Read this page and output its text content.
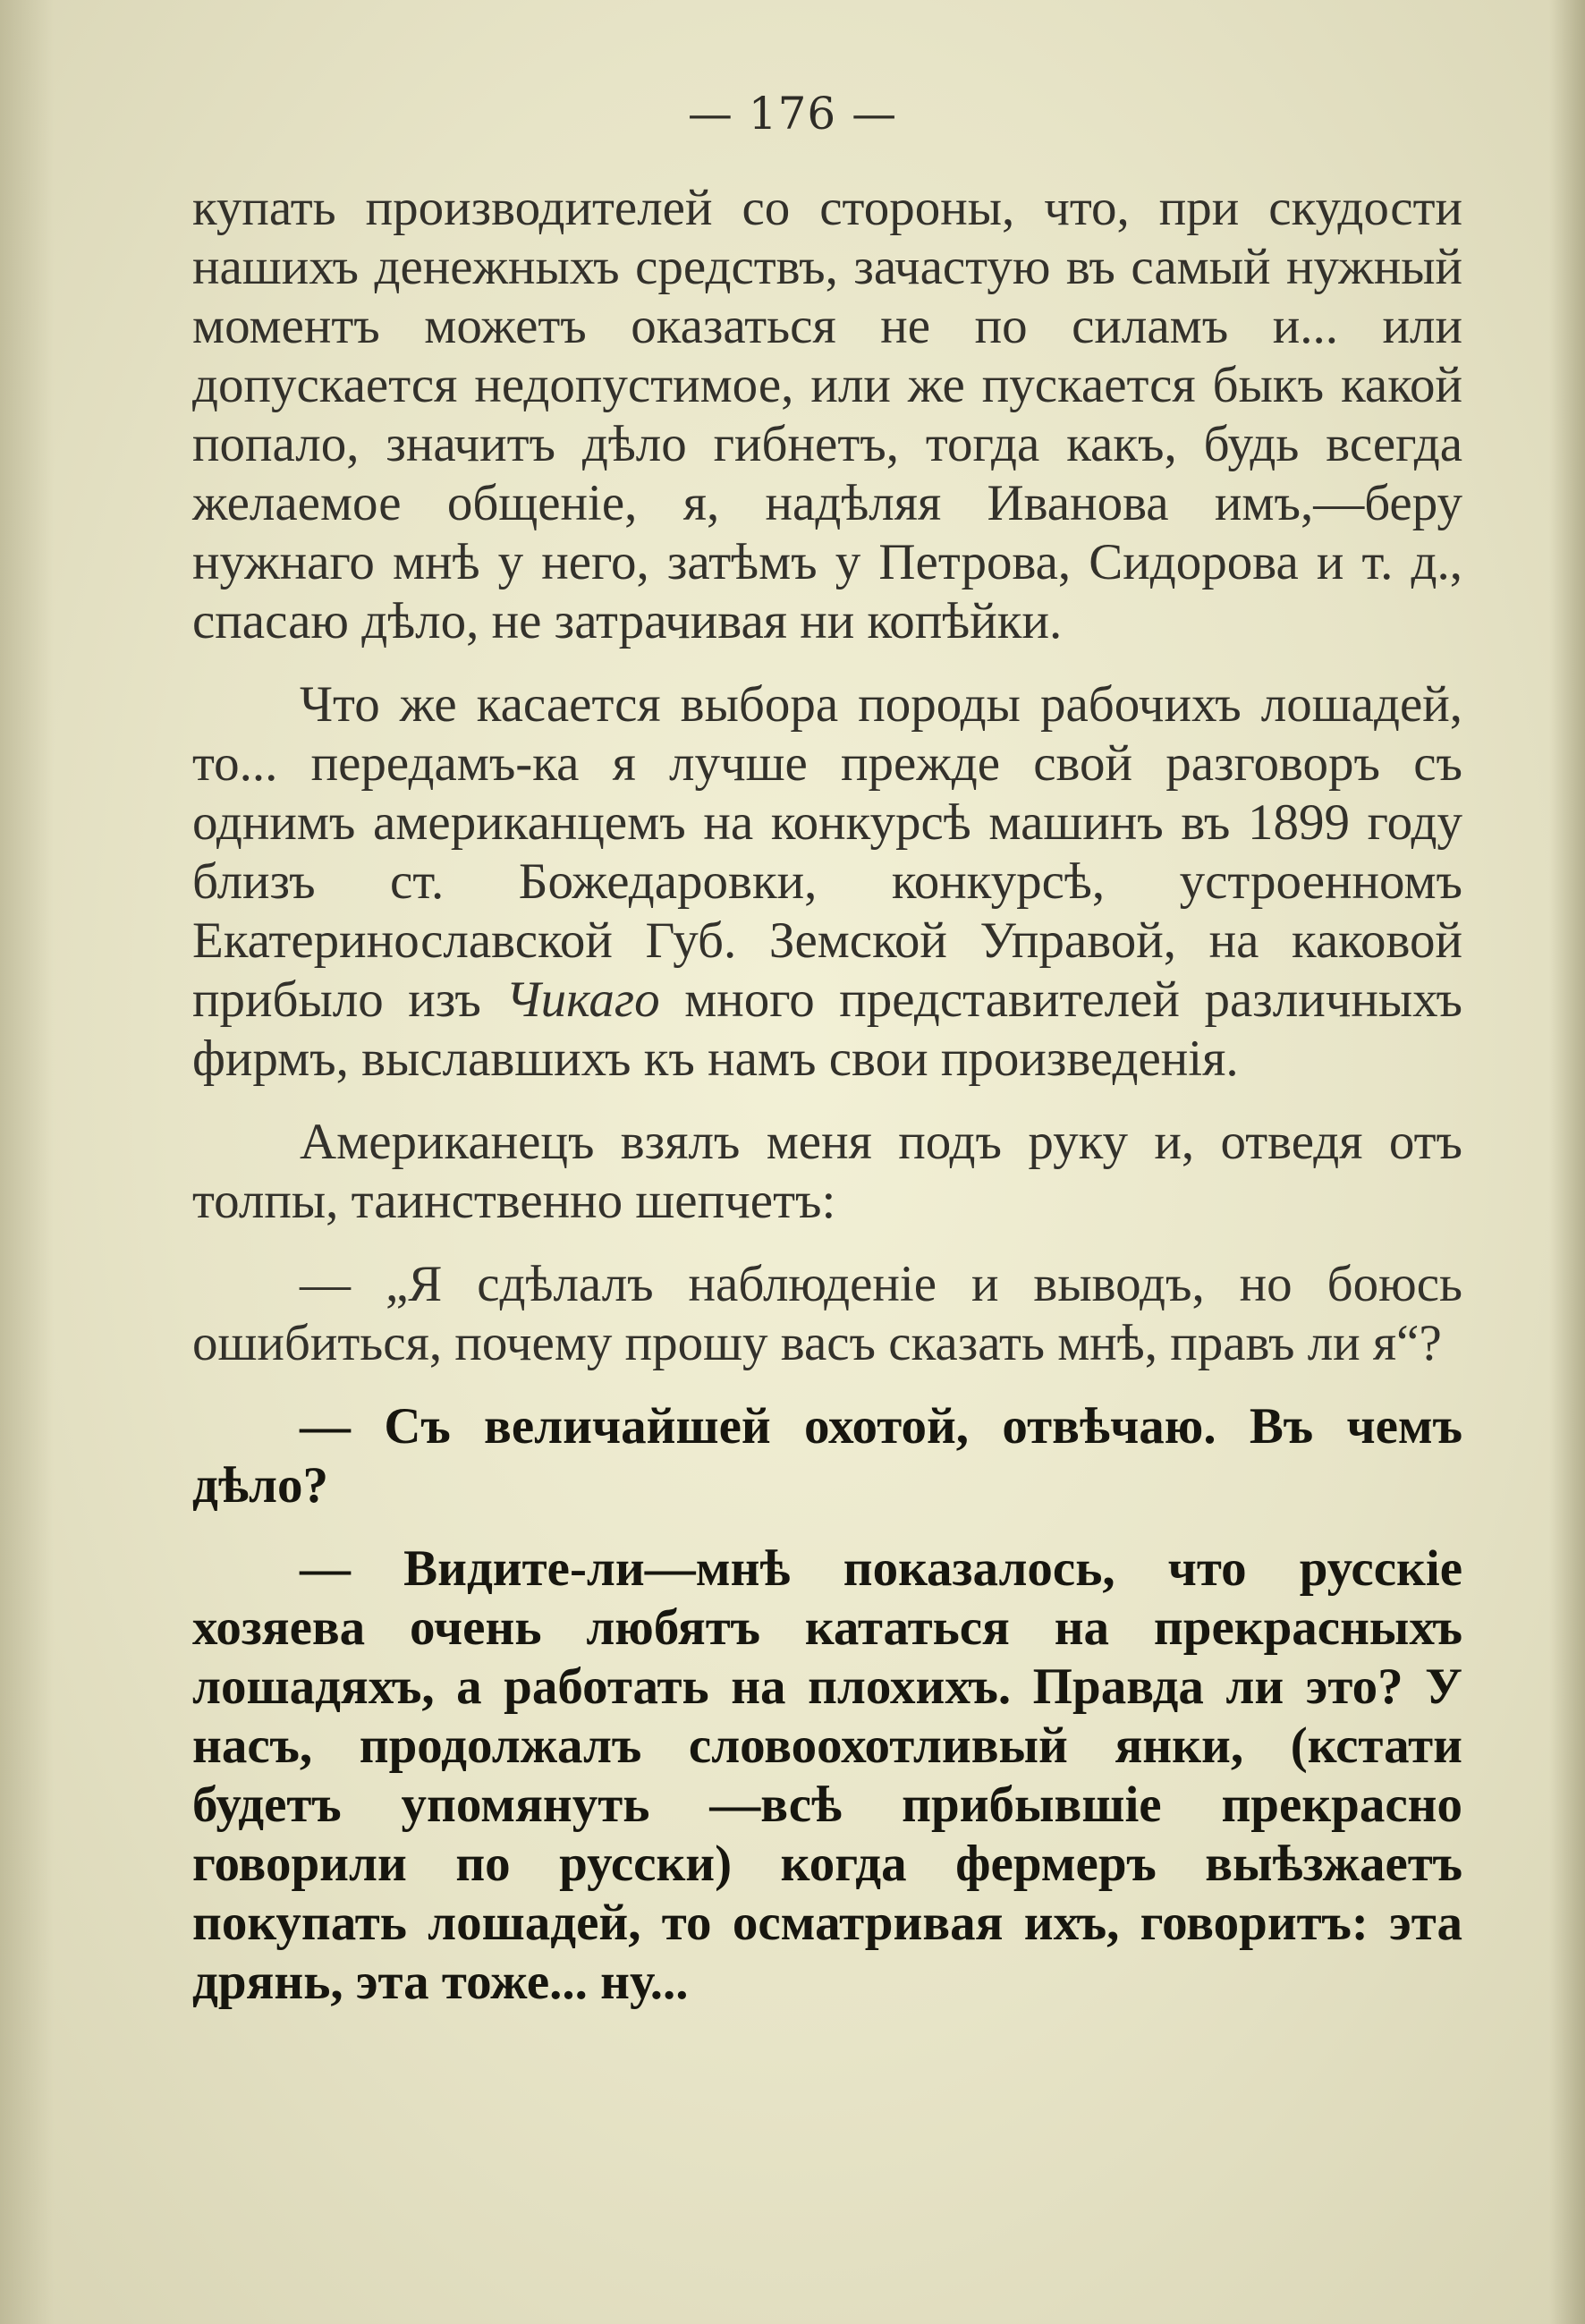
— 176 —

купать производителей со стороны, что, при скудости нашихъ денежныхъ средствъ, зачастую въ самый нужный моментъ можетъ оказаться не по силамъ и... или допускается недопустимое, или же пускается быкъ какой попало, значитъ дѣло гибнетъ, тогда какъ, будь всегда желаемое общеніе, я, надѣляя Иванова имъ,—беру нужнаго мнѣ у него, затѣмъ у Петрова, Сидорова и т. д., спасаю дѣло, не затрачивая ни копѣйки.

Что же касается выбора породы рабочихъ лошадей, то... передамъ-ка я лучше прежде свой разговоръ съ однимъ американцемъ на конкурсѣ машинъ въ 1899 году близъ ст. Божедаровки, конкурсѣ, устроенномъ Екатеринославской Губ. Земской Управой, на каковой прибыло изъ Чикаго много представителей различныхъ фирмъ, выславшихъ къ намъ свои произведенія.

Американецъ взялъ меня подъ руку и, отведя отъ толпы, таинственно шепчетъ:

— „Я сдѣлалъ наблюденіе и выводъ, но боюсь ошибиться, почему прошу васъ сказать мнѣ, правъ ли я“?

— Съ величайшей охотой, отвѣчаю. Въ чемъ дѣло?

— Видите-ли—мнѣ показалось, что русскіе хозяева очень любятъ кататься на прекрасныхъ лошадяхъ, а работать на плохихъ. Правда ли это? У насъ, продолжалъ словоохотливый янки, (кстати будетъ упомянуть —всѣ прибывшіе прекрасно говорили по русски) когда фермеръ выѣзжаетъ покупать лошадей, то осматривая ихъ, говоритъ: эта дрянь, эта тоже... ну...
